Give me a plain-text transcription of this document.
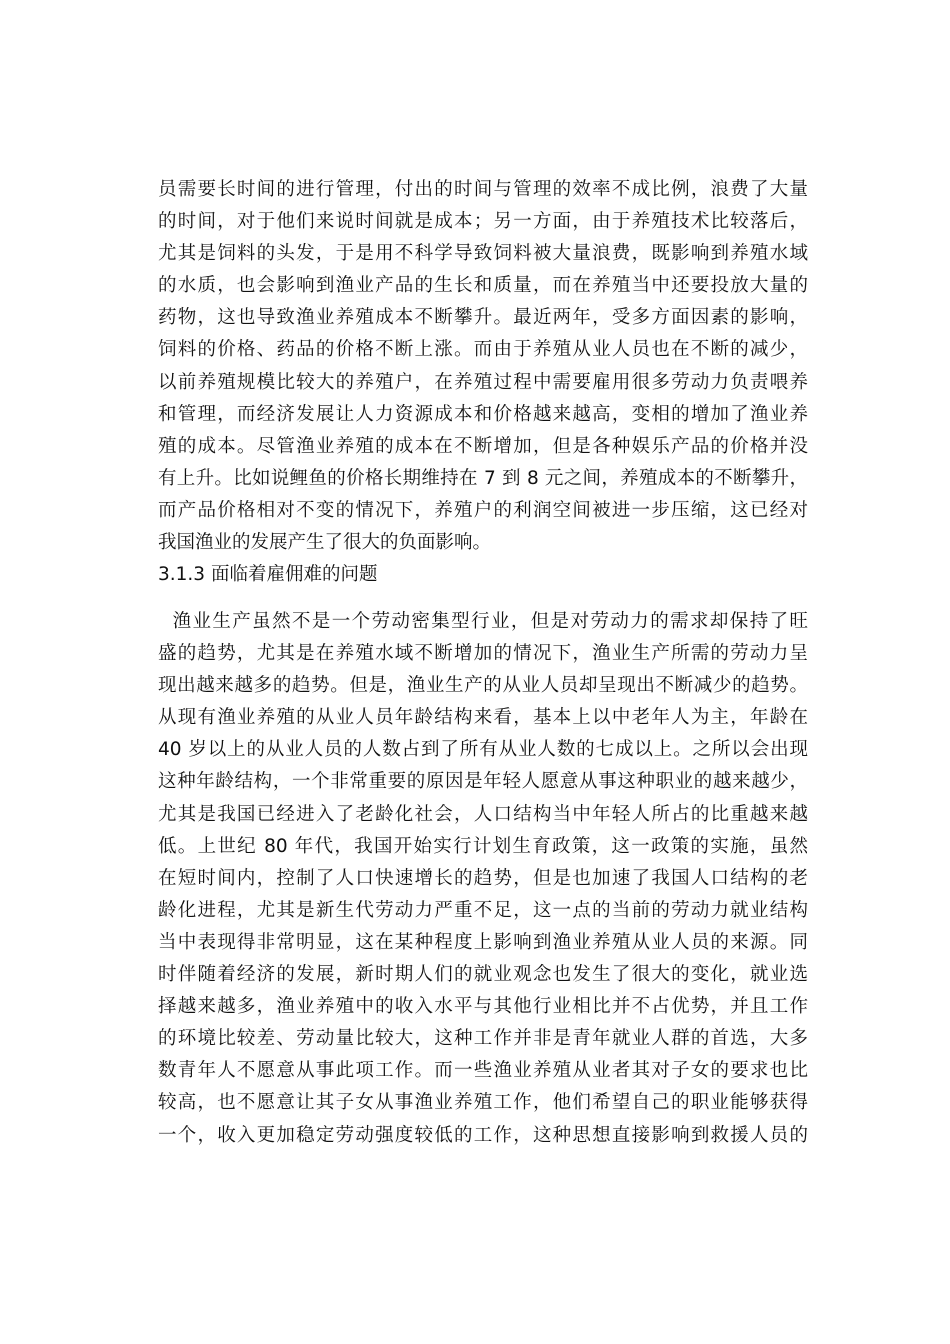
员需要长时间的进行管理，付出的时间与管理的效率不成比例，浪费了大量
的时间，对于他们来说时间就是成本；另一方面，由于养殖技术比较落后，
尤其是饲料的头发，于是用不科学导致饲料被大量浪费，既影响到养殖水域
的水质，也会影响到渔业产品的生长和质量，而在养殖当中还要投放大量的
药物，这也导致渔业养殖成本不断攀升。最近两年，受多方面因素的影响，
饲料的价格、药品的价格不断上涨。而由于养殖从业人员也在不断的减少，
以前养殖规模比较大的养殖户，在养殖过程中需要雇用很多劳动力负责喂养
和管理，而经济发展让人力资源成本和价格越来越高，变相的增加了渔业养
殖的成本。尽管渔业养殖的成本在不断增加，但是各种娱乐产品的价格并没
有上升。比如说鲤鱼的价格长期维持在 7 到 8 元之间，养殖成本的不断攀升，
而产品价格相对不变的情况下，养殖户的利润空间被进一步压缩，这已经对
我国渔业的发展产生了很大的负面影响。
3.1.3 面临着雇佣难的问题
渔业生产虽然不是一个劳动密集型行业，但是对劳动力的需求却保持了旺
盛的趋势，尤其是在养殖水域不断增加的情况下，渔业生产所需的劳动力呈
现出越来越多的趋势。但是，渔业生产的从业人员却呈现出不断减少的趋势。
从现有渔业养殖的从业人员年龄结构来看，基本上以中老年人为主，年龄在
40 岁以上的从业人员的人数占到了所有从业人数的七成以上。之所以会出现
这种年龄结构，一个非常重要的原因是年轻人愿意从事这种职业的越来越少，
尤其是我国已经进入了老龄化社会，人口结构当中年轻人所占的比重越来越
低。上世纪 80 年代，我国开始实行计划生育政策，这一政策的实施，虽然
在短时间内，控制了人口快速增长的趋势，但是也加速了我国人口结构的老
龄化进程，尤其是新生代劳动力严重不足，这一点的当前的劳动力就业结构
当中表现得非常明显，这在某种程度上影响到渔业养殖从业人员的来源。同
时伴随着经济的发展，新时期人们的就业观念也发生了很大的变化，就业选
择越来越多，渔业养殖中的收入水平与其他行业相比并不占优势，并且工作
的环境比较差、劳动量比较大，这种工作并非是青年就业人群的首选，大多
数青年人不愿意从事此项工作。而一些渔业养殖从业者其对子女的要求也比
较高，也不愿意让其子女从事渔业养殖工作，他们希望自己的职业能够获得
一个，收入更加稳定劳动强度较低的工作，这种思想直接影响到救援人员的
